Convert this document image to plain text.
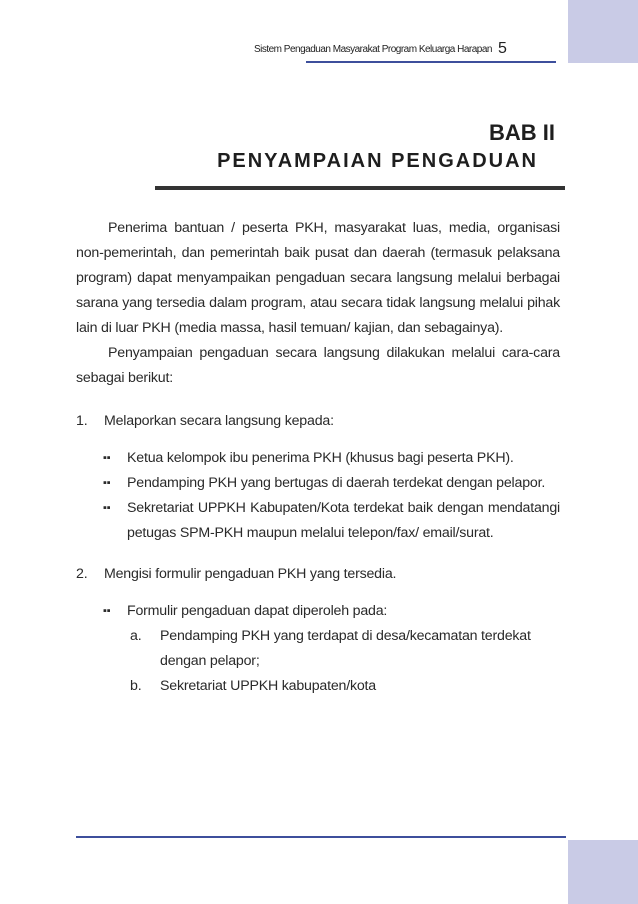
Sistem Pengaduan Masyarakat Program Keluarga Harapan 5
BAB II
PENYAMPAIAN PENGADUAN

Penerima bantuan / peserta PKH, masyarakat luas, media, organisasi non-pemerintah, dan pemerintah baik pusat dan daerah (termasuk pelaksana program) dapat menyampaikan pengaduan secara langsung melalui berbagai sarana yang tersedia dalam program, atau secara tidak langsung melalui pihak lain di luar PKH (media massa, hasil temuan/ kajian, dan sebagainya).

Penyampaian pengaduan secara langsung dilakukan melalui cara-cara sebagai berikut:

1. Melaporkan secara langsung kepada:
▪▪ Ketua kelompok ibu penerima PKH (khusus bagi peserta PKH).
▪▪ Pendamping PKH yang bertugas di daerah terdekat dengan pelapor.
▪▪ Sekretariat UPPKH Kabupaten/Kota terdekat baik dengan mendatangi petugas SPM-PKH maupun melalui telepon/fax/ email/surat.
2. Mengisi formulir pengaduan PKH yang tersedia.
▪▪ Formulir pengaduan dapat diperoleh pada:
a. Pendamping PKH yang terdapat di desa/kecamatan terdekat dengan pelapor;
b. Sekretariat UPPKH kabupaten/kota
